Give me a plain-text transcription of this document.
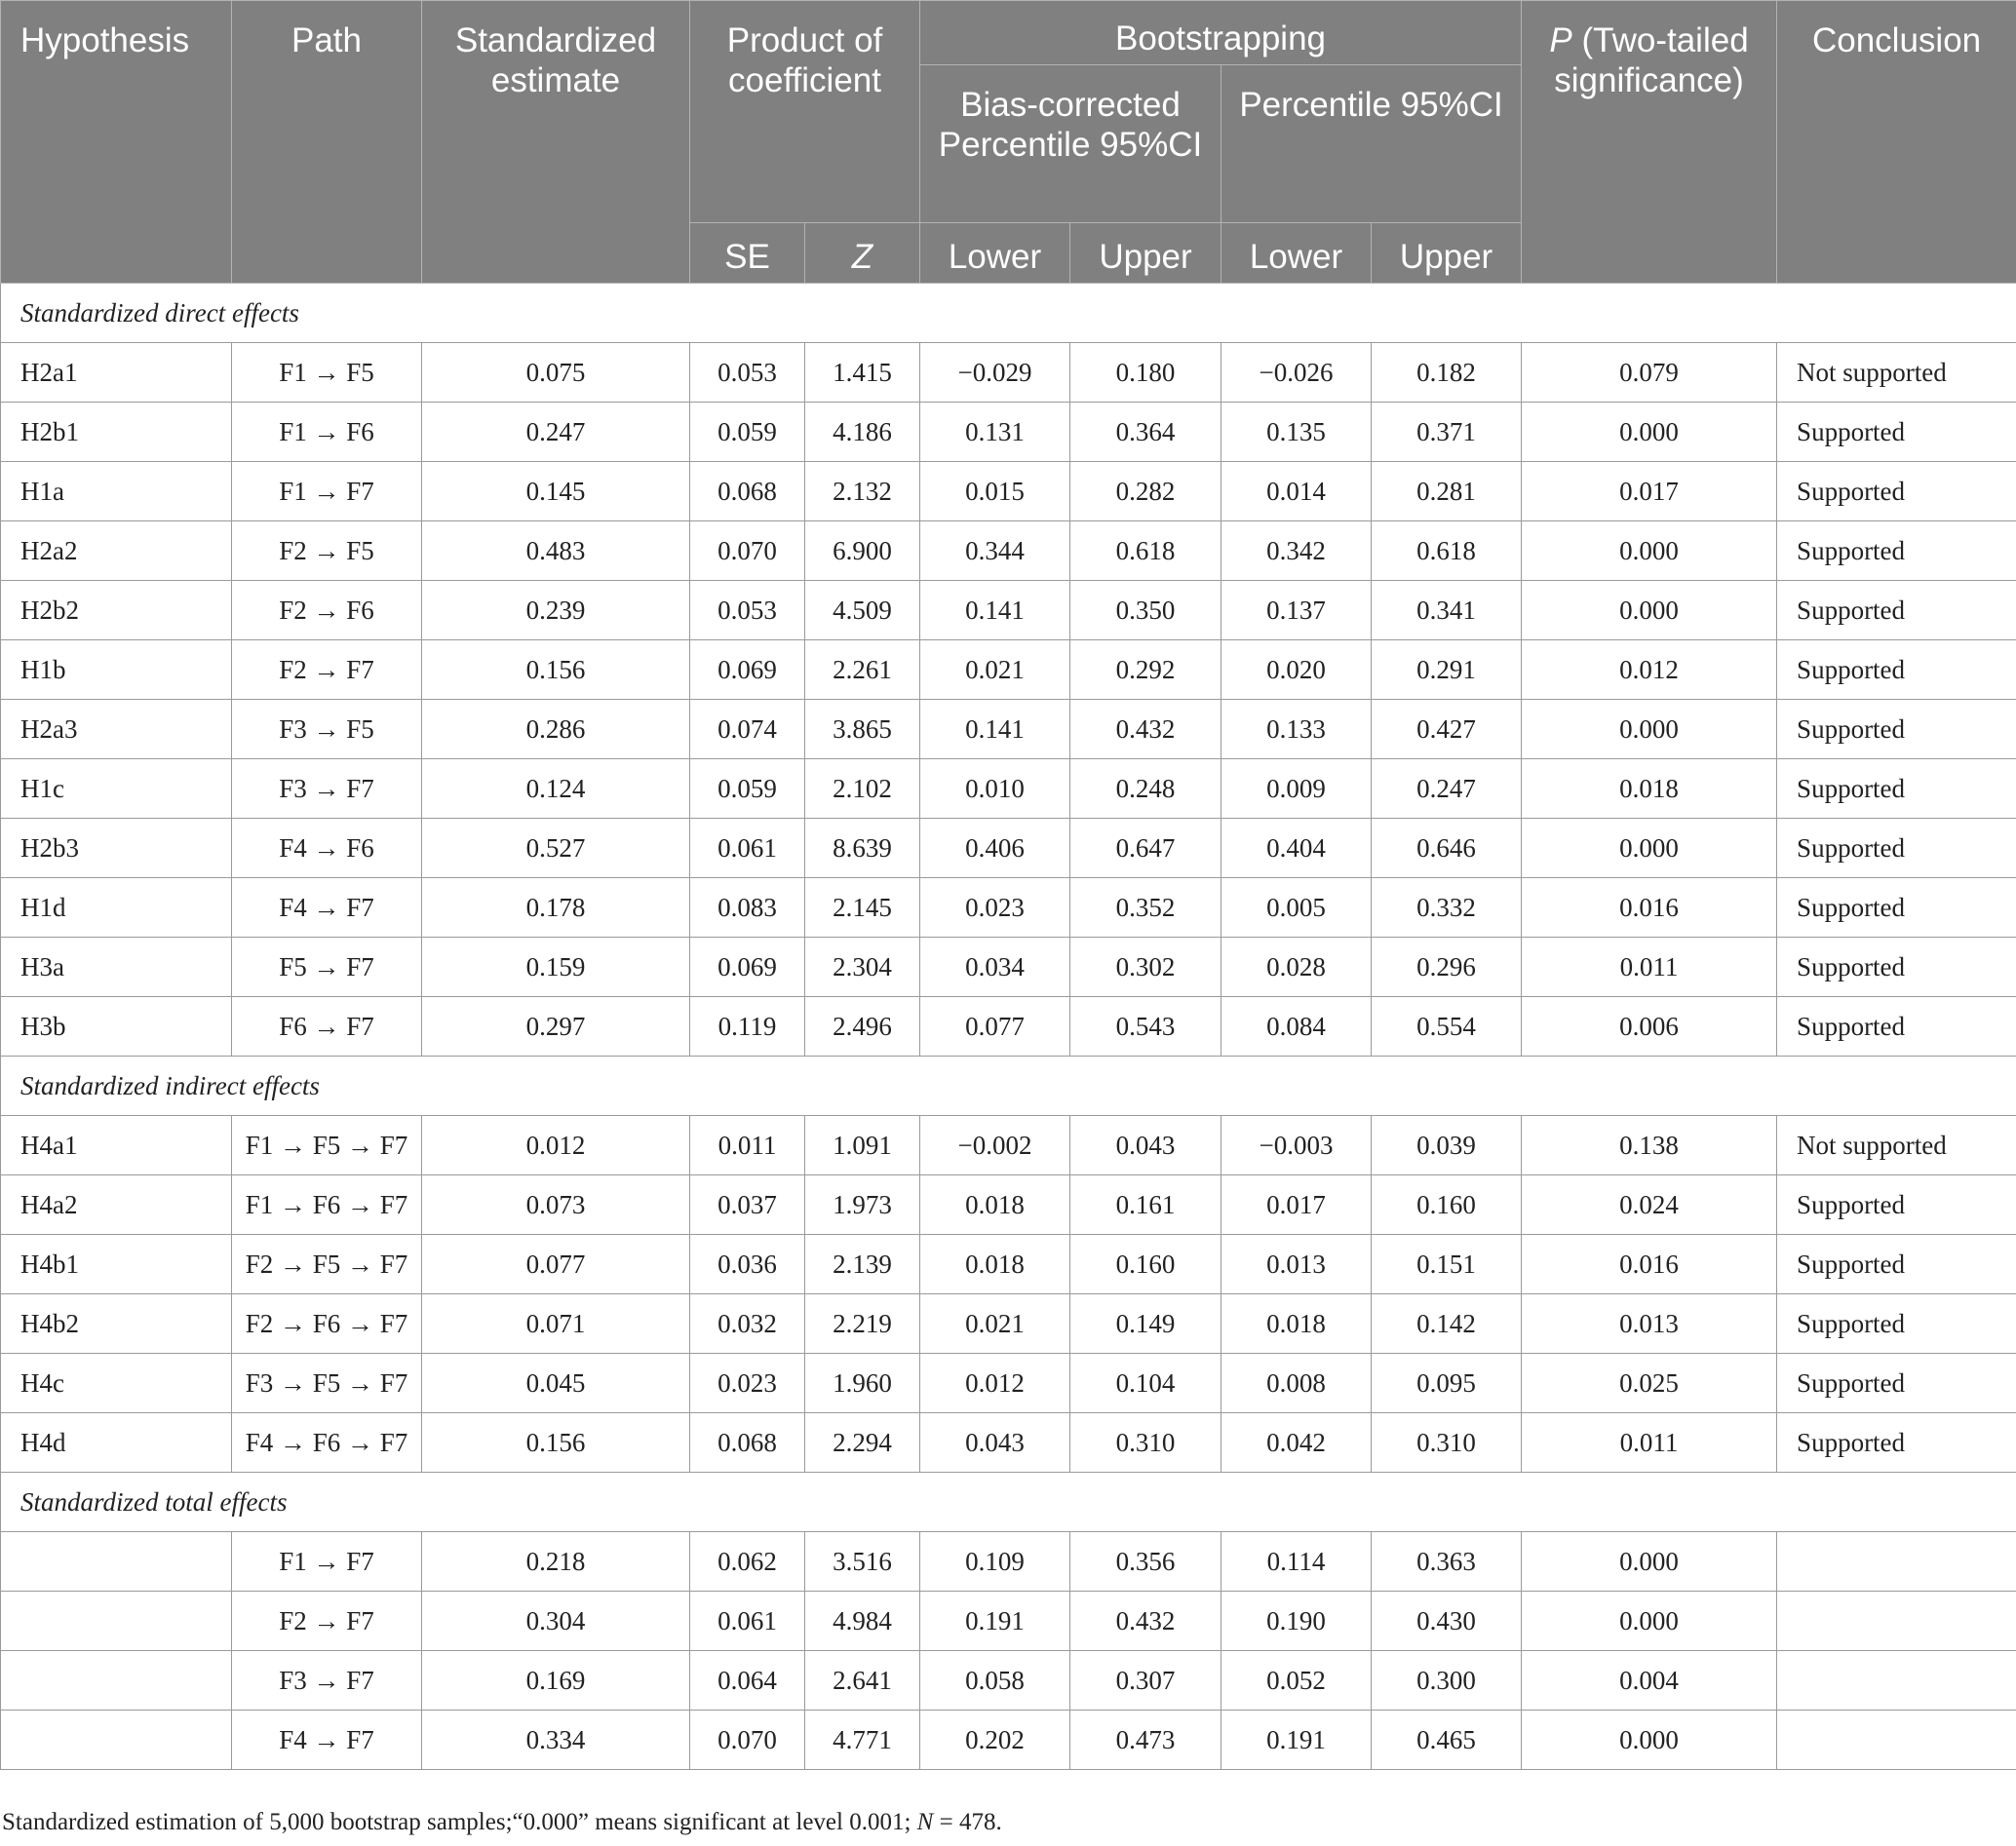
Hypothesis	Path	Standardized estimate	Product of coefficient		Bootstrapping				P (Two-tailed significance)	Conclusion
					Bias-corrected Percentile 95%CI		Percentile 95%CI			
			SE	Z	Lower	Upper	Lower	Upper		
Standardized direct effects										
H2a1	F1 → F5	0.075	0.053	1.415	−0.029	0.180	−0.026	0.182	0.079	Not supported
H2b1	F1 → F6	0.247	0.059	4.186	0.131	0.364	0.135	0.371	0.000	Supported
H1a	F1 → F7	0.145	0.068	2.132	0.015	0.282	0.014	0.281	0.017	Supported
H2a2	F2 → F5	0.483	0.070	6.900	0.344	0.618	0.342	0.618	0.000	Supported
H2b2	F2 → F6	0.239	0.053	4.509	0.141	0.350	0.137	0.341	0.000	Supported
H1b	F2 → F7	0.156	0.069	2.261	0.021	0.292	0.020	0.291	0.012	Supported
H2a3	F3 → F5	0.286	0.074	3.865	0.141	0.432	0.133	0.427	0.000	Supported
H1c	F3 → F7	0.124	0.059	2.102	0.010	0.248	0.009	0.247	0.018	Supported
H2b3	F4 → F6	0.527	0.061	8.639	0.406	0.647	0.404	0.646	0.000	Supported
H1d	F4 → F7	0.178	0.083	2.145	0.023	0.352	0.005	0.332	0.016	Supported
H3a	F5 → F7	0.159	0.069	2.304	0.034	0.302	0.028	0.296	0.011	Supported
H3b	F6 → F7	0.297	0.119	2.496	0.077	0.543	0.084	0.554	0.006	Supported
Standardized indirect effects										
H4a1	F1 → F5 → F7	0.012	0.011	1.091	−0.002	0.043	−0.003	0.039	0.138	Not supported
H4a2	F1 → F6 → F7	0.073	0.037	1.973	0.018	0.161	0.017	0.160	0.024	Supported
H4b1	F2 → F5 → F7	0.077	0.036	2.139	0.018	0.160	0.013	0.151	0.016	Supported
H4b2	F2 → F6 → F7	0.071	0.032	2.219	0.021	0.149	0.018	0.142	0.013	Supported
H4c	F3 → F5 → F7	0.045	0.023	1.960	0.012	0.104	0.008	0.095	0.025	Supported
H4d	F4 → F6 → F7	0.156	0.068	2.294	0.043	0.310	0.042	0.310	0.011	Supported
Standardized total effects										
	F1 → F7	0.218	0.062	3.516	0.109	0.356	0.114	0.363	0.000	
	F2 → F7	0.304	0.061	4.984	0.191	0.432	0.190	0.430	0.000	
	F3 → F7	0.169	0.064	2.641	0.058	0.307	0.052	0.300	0.004	
	F4 → F7	0.334	0.070	4.771	0.202	0.473	0.191	0.465	0.000	
Standardized estimation of 5,000 bootstrap samples;“0.000” means significant at level 0.001; N = 478.
